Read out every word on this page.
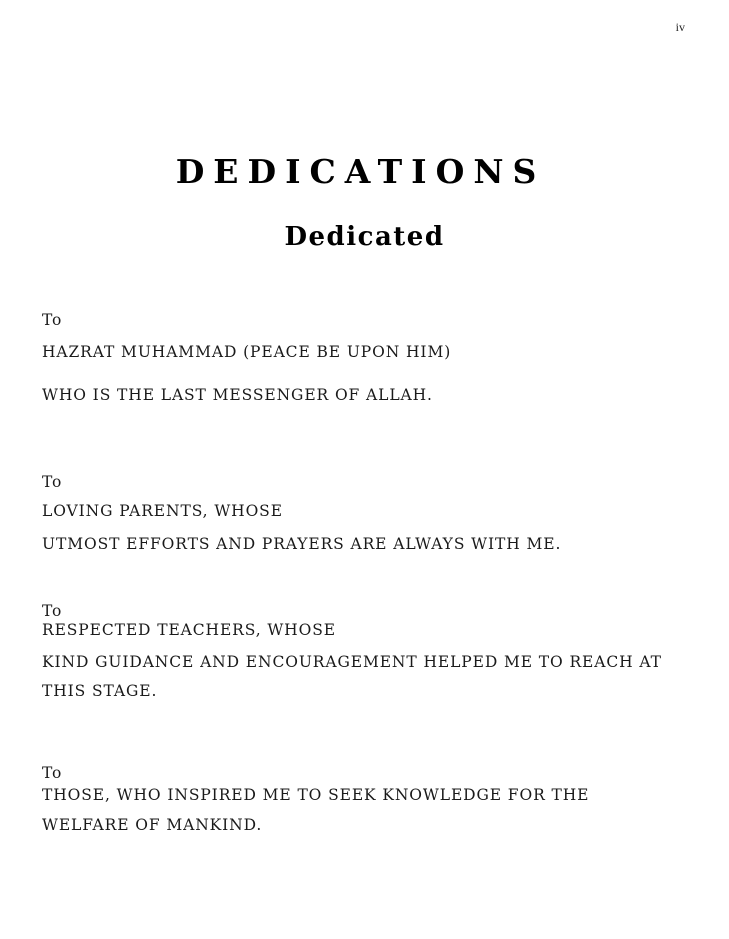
iv
DEDICATIONS
Dedicated
To
HAZRAT MUHAMMAD (PEACE BE UPON HIM)
WHO IS THE LAST MESSENGER OF ALLAH.
To
LOVING PARENTS, WHOSE
UTMOST EFFORTS AND PRAYERS ARE ALWAYS WITH ME.
To
RESPECTED TEACHERS, WHOSE
KIND GUIDANCE AND ENCOURAGEMENT HELPED ME TO REACH AT
THIS STAGE.
To
THOSE, WHO INSPIRED ME TO SEEK KNOWLEDGE FOR THE
WELFARE OF MANKIND.
